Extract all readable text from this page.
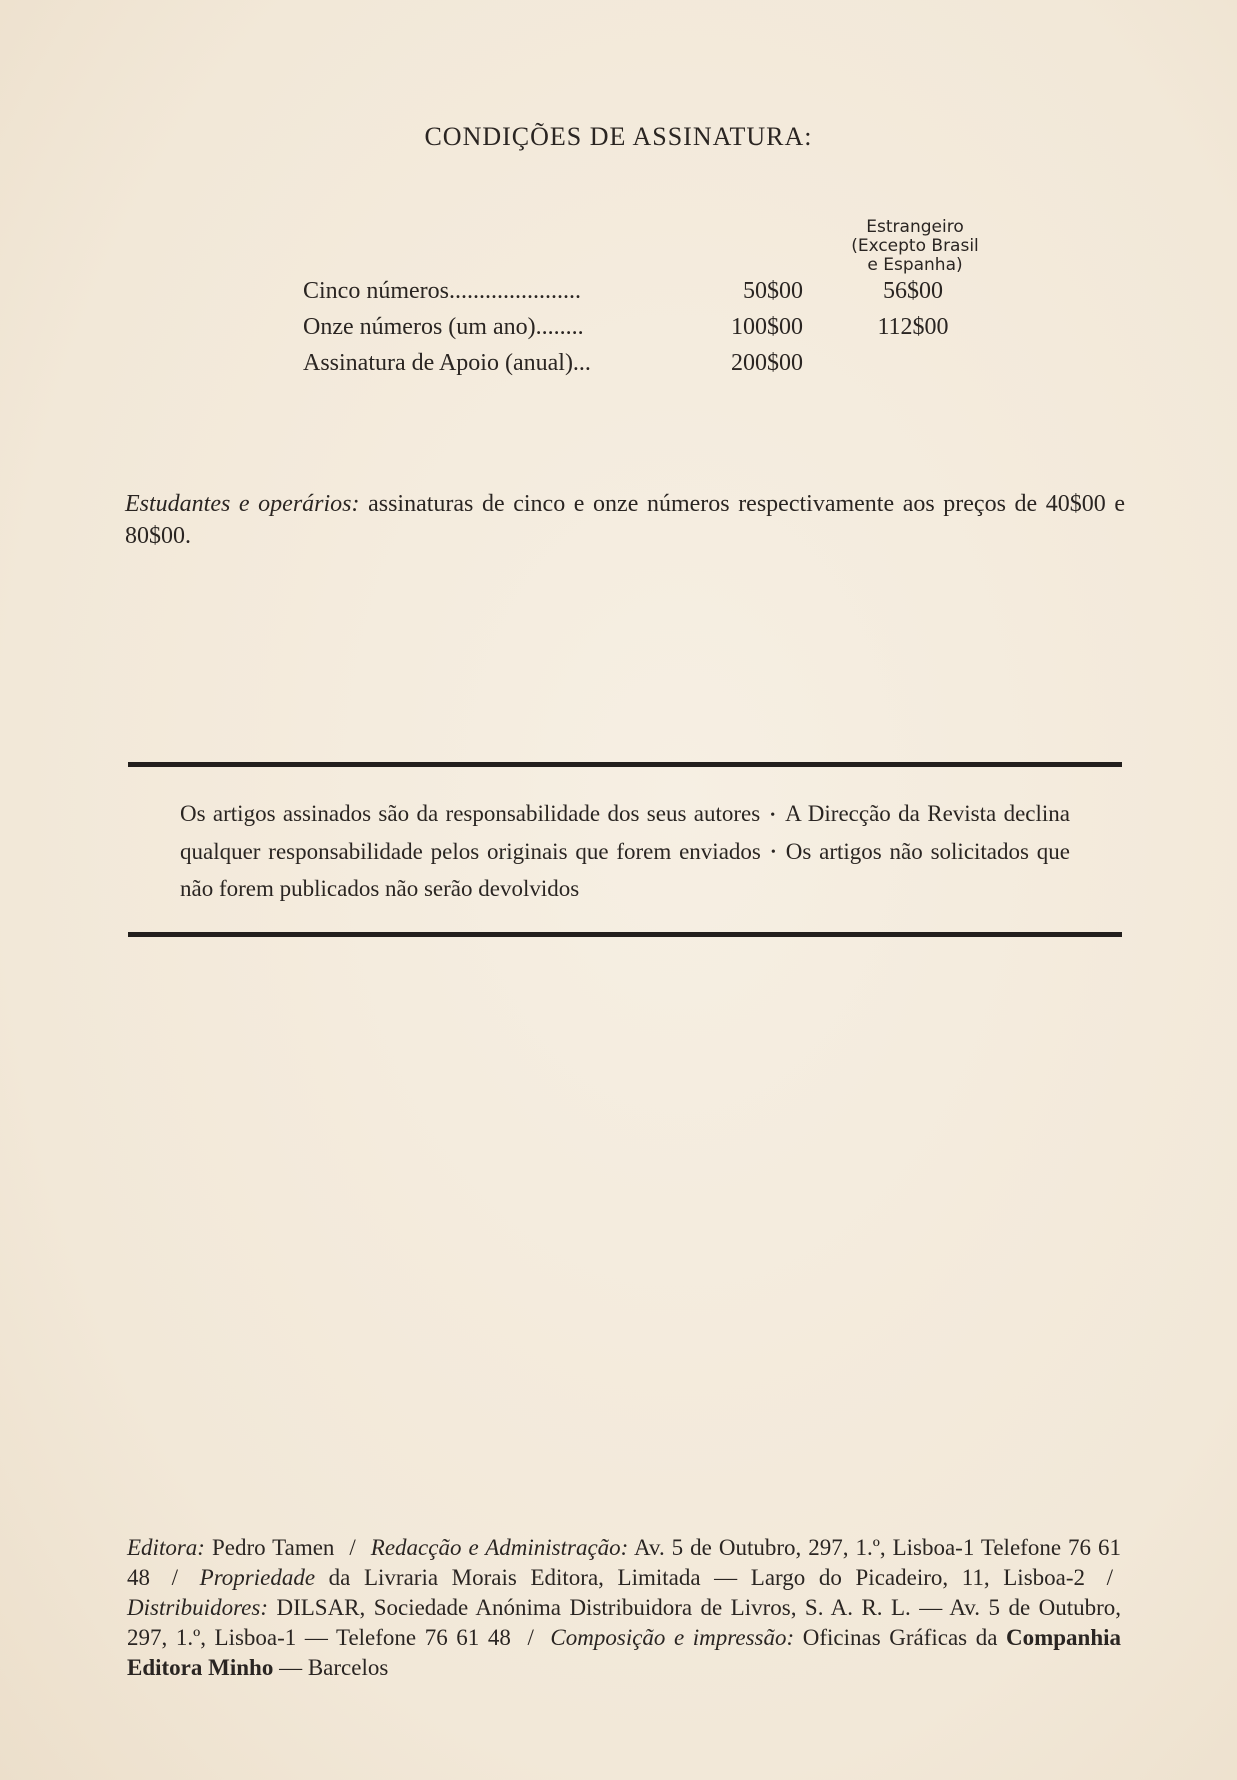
CONDIÇÕES DE ASSINATURA:
Estrangeiro
(Excepto Brasil
e Espanha)
Cinco números......................	50$00	56$00
Onze números (um ano)........	100$00	112$00
Assinatura de Apoio (anual)...	200$00
Estudantes e operários: assinaturas de cinco e onze números respectivamente aos preços de 40$00 e 80$00.
Os artigos assinados são da responsabilidade dos seus autores • A Direcção da Revista declina qualquer responsabilidade pelos originais que forem enviados • Os artigos não solicitados que não forem publicados não serão devolvidos
Editora: Pedro Tamen / Redacção e Administração: Av. 5 de Outubro, 297, 1.º, Lisboa-1 Telefone 76 61 48 / Propriedade da Livraria Morais Editora, Limitada — Largo do Picadeiro, 11, Lisboa-2 / Distribuidores: DILSAR, Sociedade Anónima Distribuidora de Livros, S. A. R. L. — Av. 5 de Outubro, 297, 1.º, Lisboa-1 — Telefone 76 61 48 / Composição e impressão: Oficinas Gráficas da Companhia Editora Minho — Barcelos
